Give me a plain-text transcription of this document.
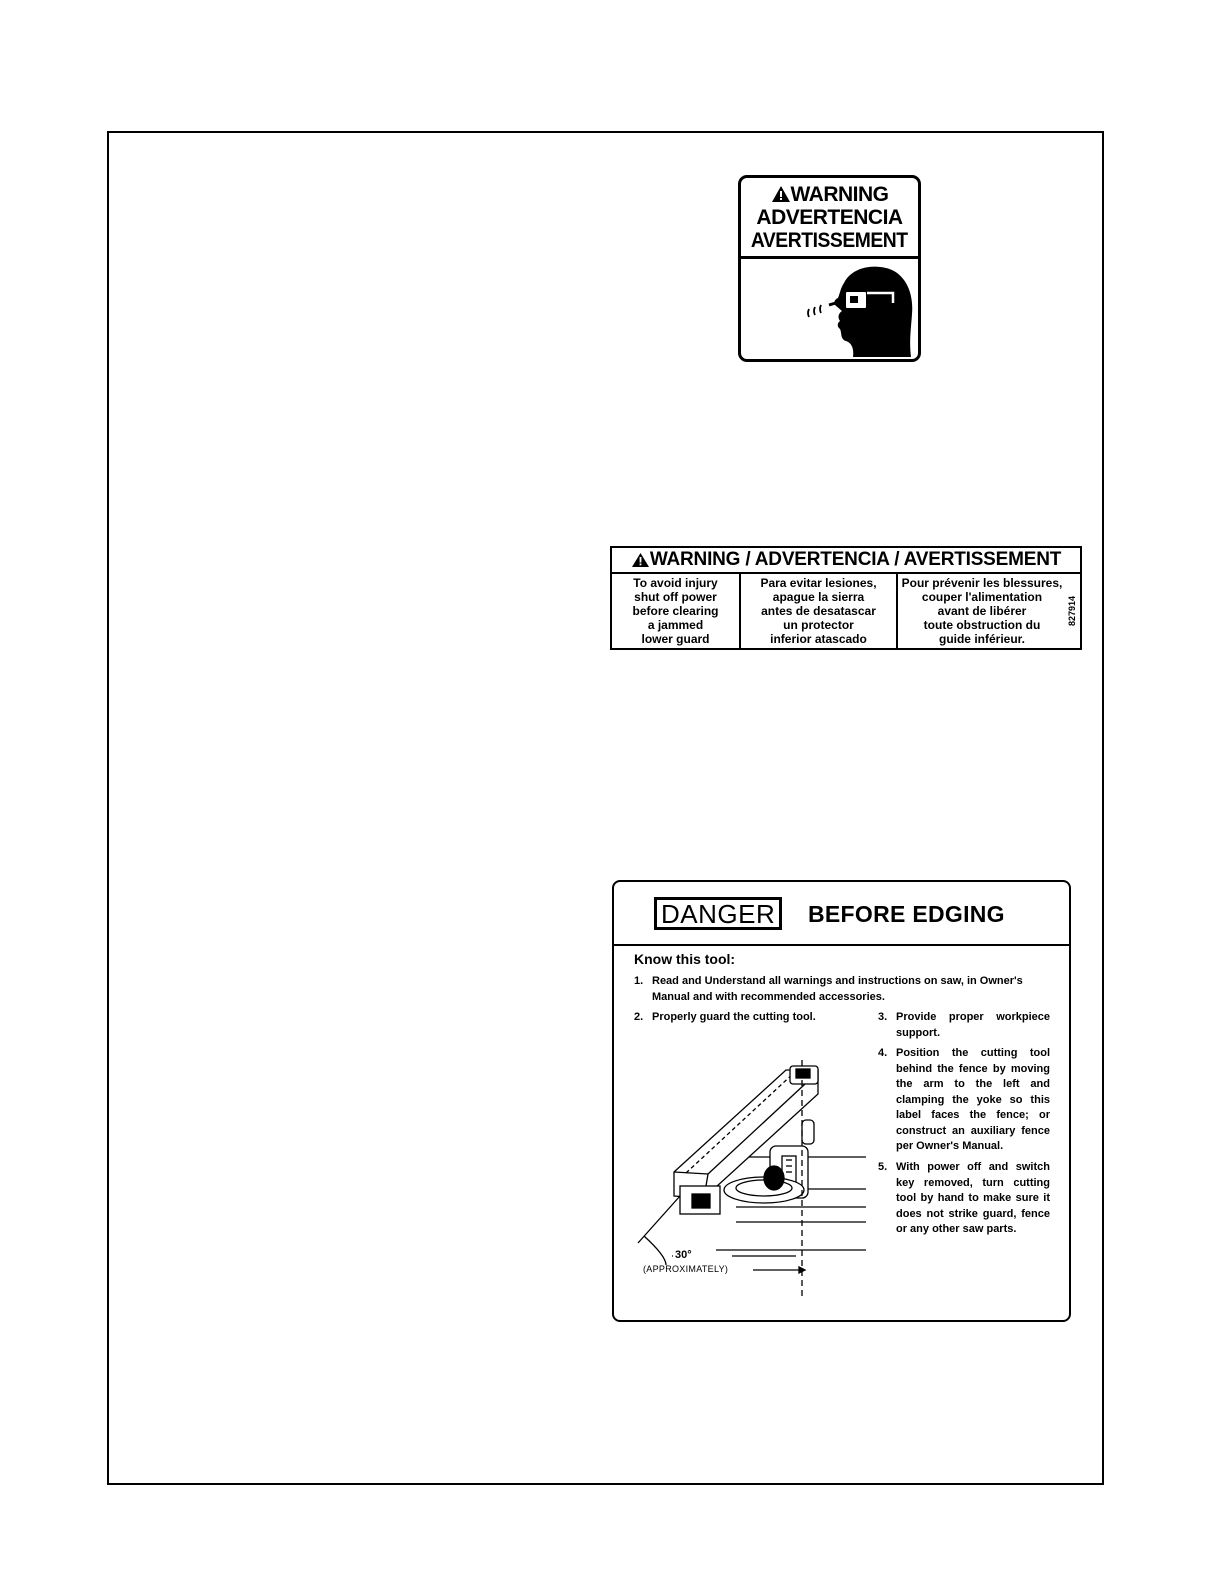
WARNING
ADVERTENCIA
AVERTISSEMENT
WARNING / ADVERTENCIA / AVERTISSEMENT
To avoid injury
shut off power
before clearing
a jammed
lower guard
Para evitar lesiones,
apague la sierra
antes de desatascar
un protector
inferior atascado
Pour prévenir les blessures,
couper l'alimentation
avant de libérer
toute obstruction du
guide inférieur.
827914
DANGER	BEFORE EDGING
Know this tool:
1. Read and Understand all warnings and instructions on saw, in Owner's Manual and with recommended accessories.
2. Properly guard the cutting tool.	3. Provide proper workpiece support.
4. Position the cutting tool behind the fence by moving the arm to the left and clamping the yoke so this label faces the fence; or construct an auxiliary fence per Owner's Manual.
5. With power off and switch key removed, turn cutting tool by hand to make sure it does not strike guard, fence or any other saw parts.
30°
(APPROXIMATELY)
